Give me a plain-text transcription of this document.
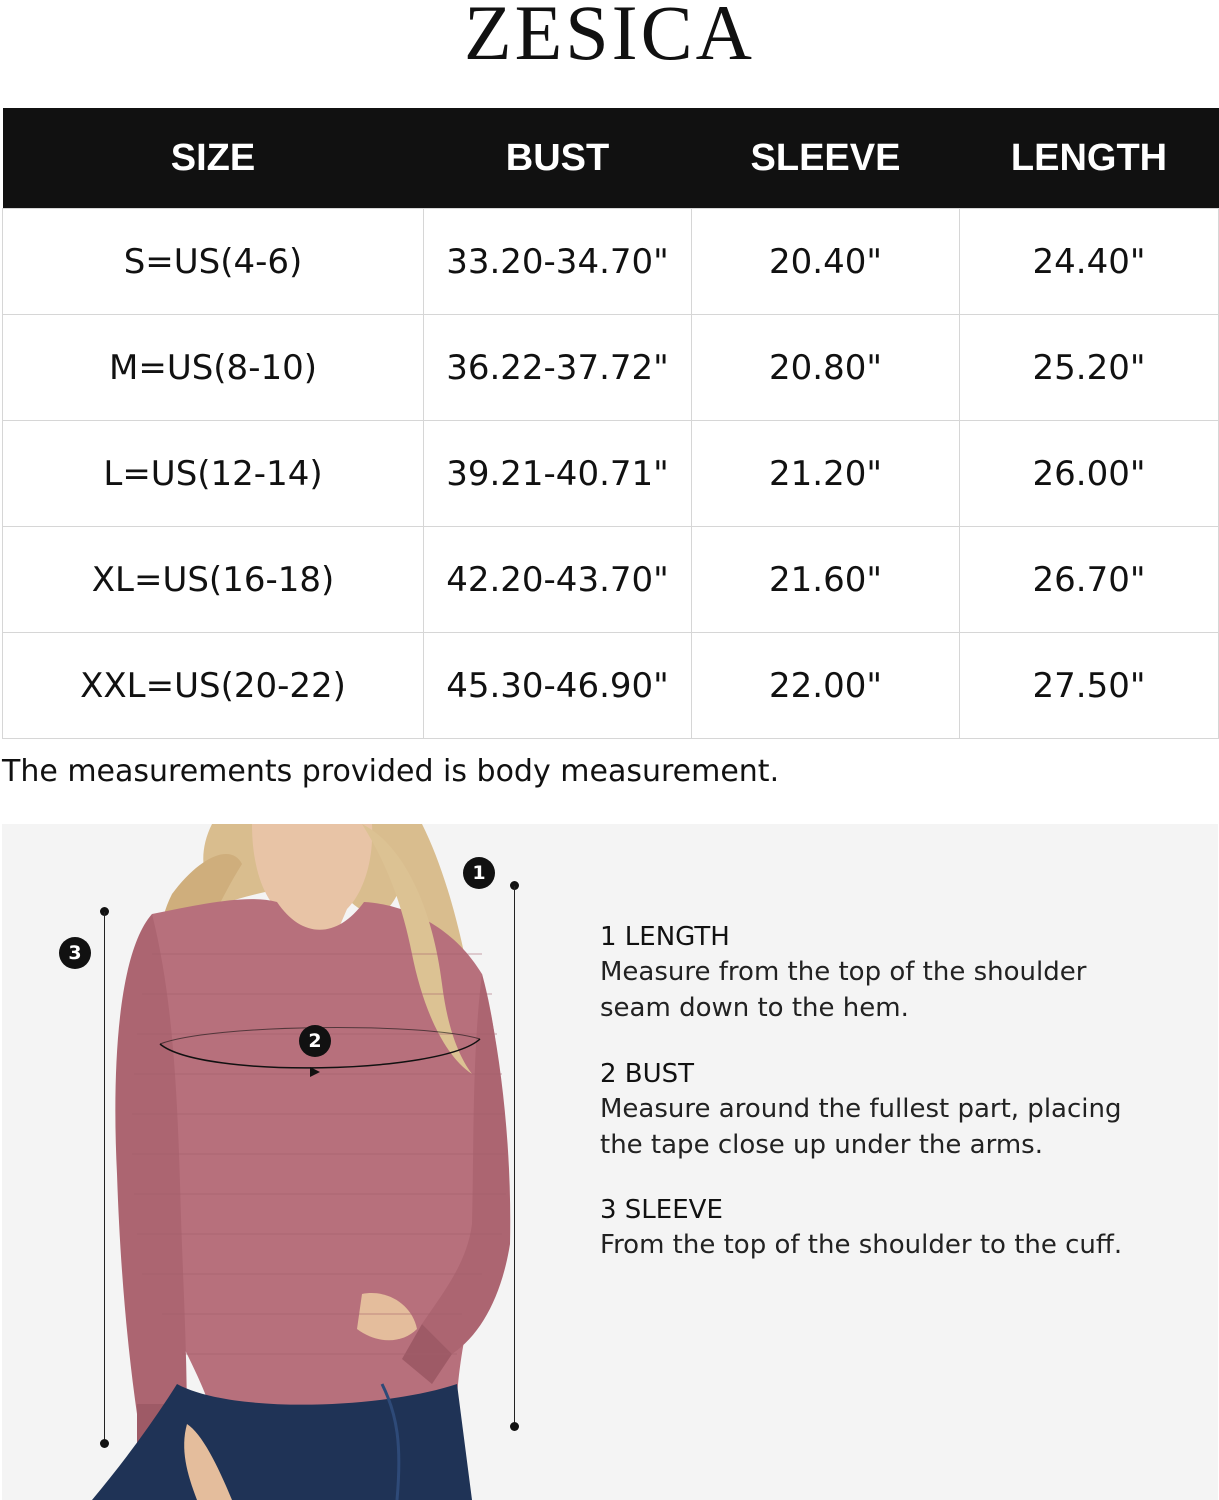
ZESICA
SIZE	BUST	SLEEVE	LENGTH
S=US(4-6)	33.20-34.70"	20.40"	24.40"
M=US(8-10)	36.22-37.72"	20.80"	25.20"
L=US(12-14)	39.21-40.71"	21.20"	26.00"
XL=US(16-18)	42.20-43.70"	21.60"	26.70"
XXL=US(20-22)	45.30-46.90"	22.00"	27.50"
The measurements provided is body measurement.
1
2
3
1 LENGTH
Measure from the top of the shoulder
seam down to the hem.
2 BUST
Measure around the fullest part, placing
the tape close up under the arms.
3 SLEEVE
From the top of the shoulder to the cuff.
